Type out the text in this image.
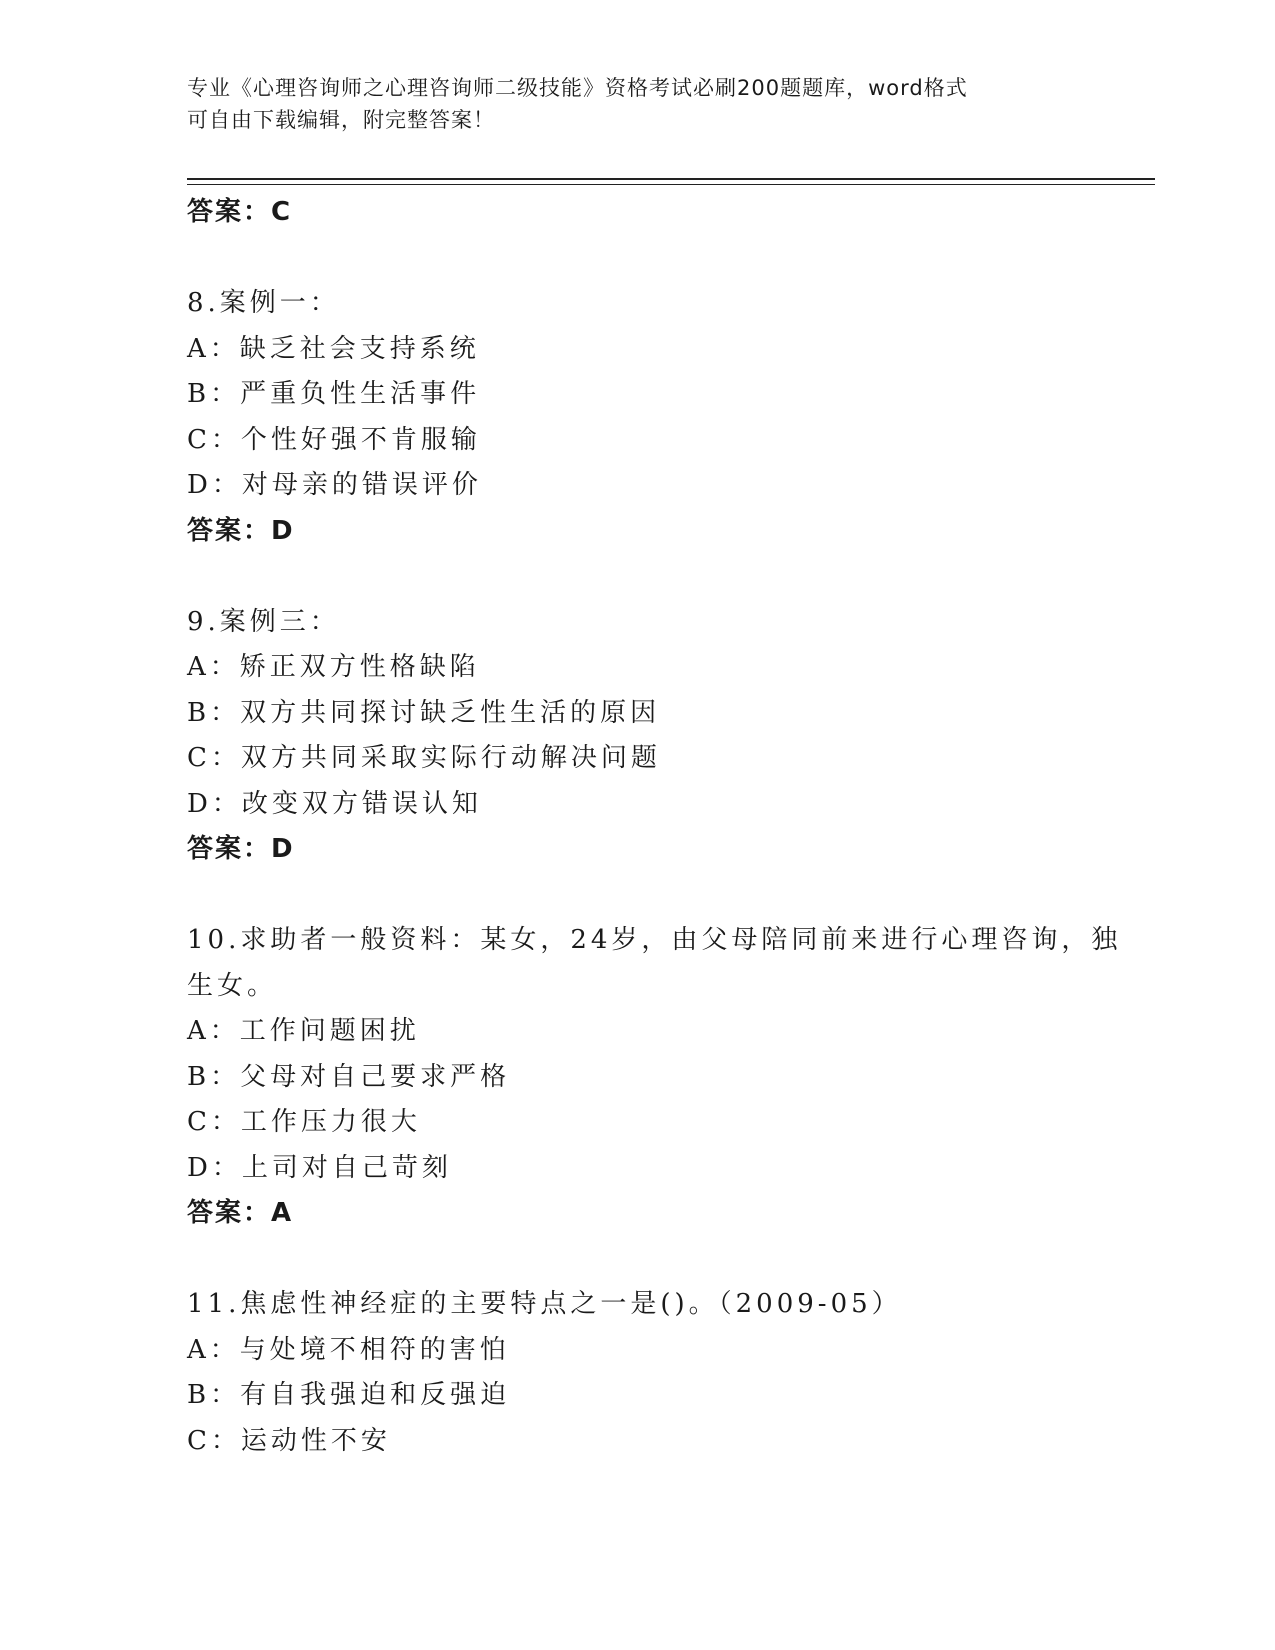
专业《心理咨询师之心理咨询师二级技能》资格考试必刷200题题库，word格式
可自由下载编辑，附完整答案！
答案：C
8.案例一：
A：缺乏社会支持系统
B：严重负性生活事件
C：个性好强不肯服输
D：对母亲的错误评价
答案：D
9.案例三：
A：矫正双方性格缺陷
B：双方共同探讨缺乏性生活的原因
C：双方共同采取实际行动解决问题
D：改变双方错误认知
答案：D
10.求助者一般资料：某女，24岁，由父母陪同前来进行心理咨询，独
生女。
A：工作问题困扰
B：父母对自己要求严格
C：工作压力很大
D：上司对自己苛刻
答案：A
11.焦虑性神经症的主要特点之一是()。（2009-05）
A：与处境不相符的害怕
B：有自我强迫和反强迫
C：运动性不安
